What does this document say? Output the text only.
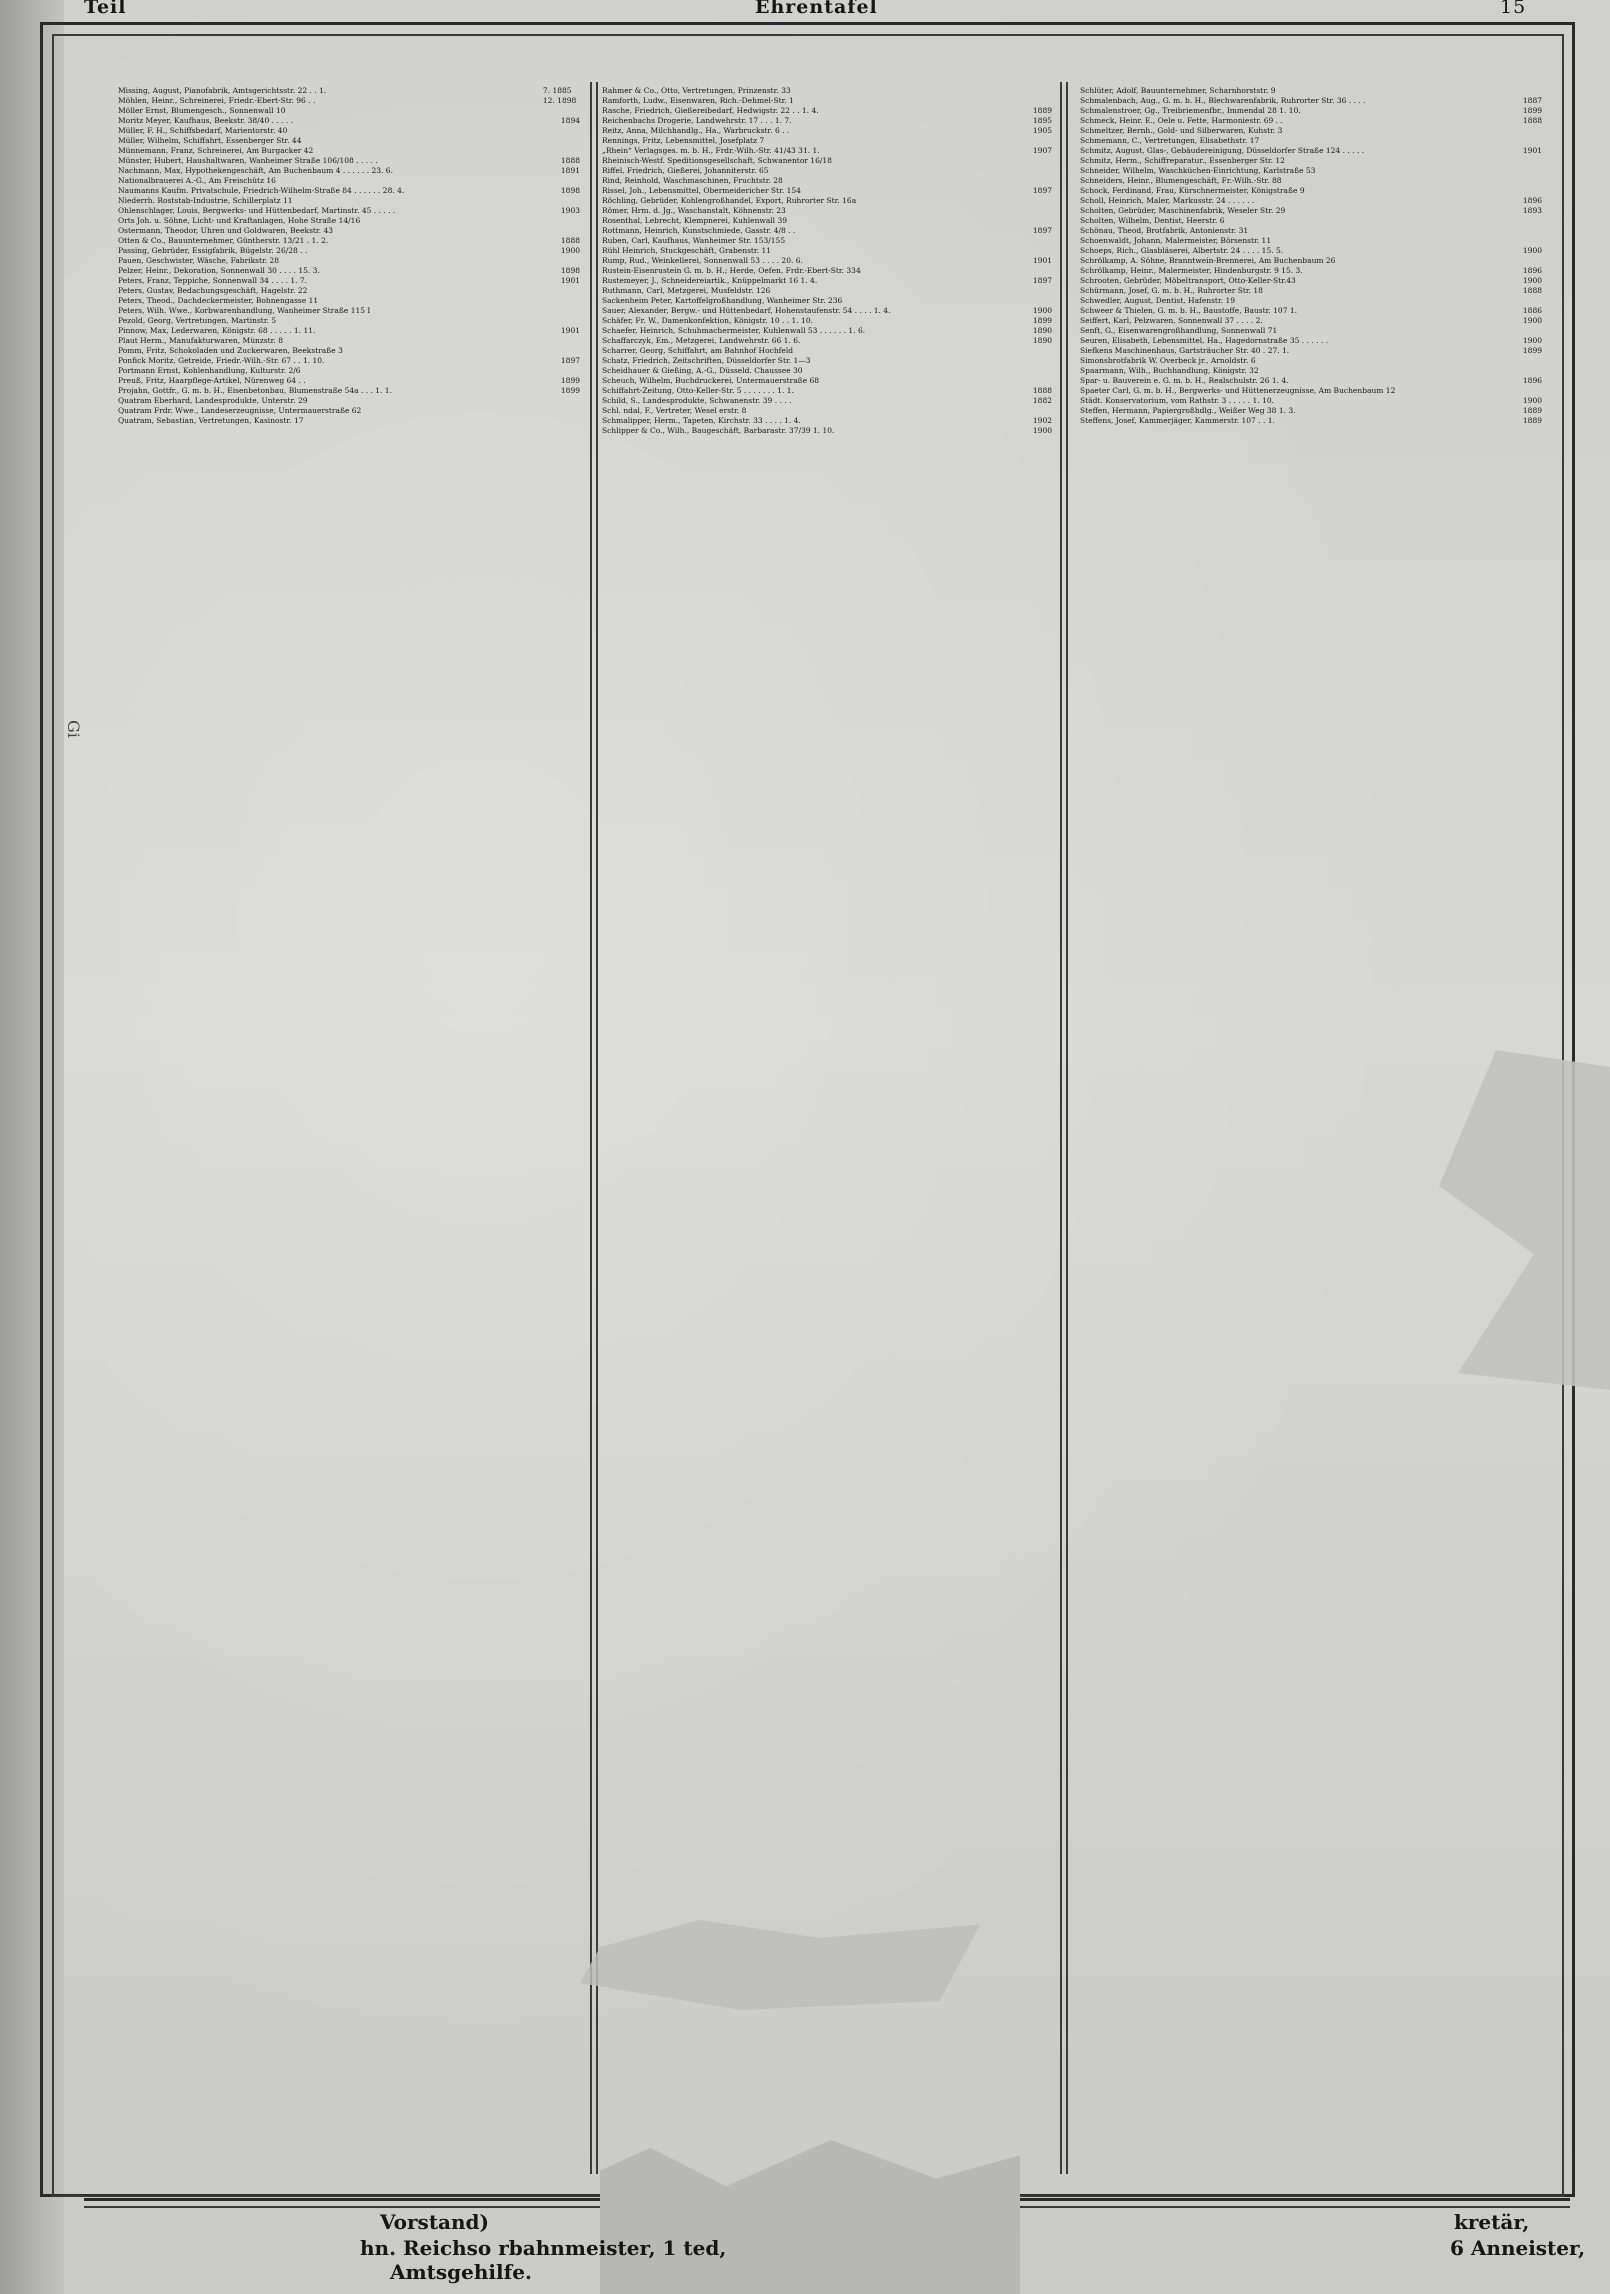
Teil	Ehrentafel	15
7. 1885
Missing, August, Pianofabrik, Amtsgerichtsstr. 22 . . 1.
12. 1898
Möhlen, Heinr., Schreinerei, Friedr.-Ebert-Str. 96 . .
Möller Ernst, Blumengesch., Sonnenwall 10
1894
Moritz Meyer, Kaufhaus, Beekstr. 38/40 . . . . .
Müller, F. H., Schiffsbedarf, Marientorstr. 40
Müller, Wilhelm, Schiffahrt, Essenberger Str. 44
Münnemann, Franz, Schreinerei, Am Burgacker 42
1888
Münster, Hubert, Haushaltwaren, Wanheimer Straße 106/108 . . . . .
1891
Nachmann, Max, Hypothekengeschäft, Am Buchenbaum 4 . . . . . . 23. 6.
Nationalbrauerei A.-G., Am Freischütz 16
1898
Naumanns Kaufm. Privatschule, Friedrich-Wilhelm-Straße 84 . . . . . . 28. 4.
Niederrh. Roststab-Industrie, Schillerplatz 11
1903
Ohlenschlager, Louis, Bergwerks- und Hüttenbedarf, Martinstr. 45 . . . . .
Orts Joh. u. Söhne, Licht- und Kraftanlagen, Hohe Straße 14/16
Ostermann, Theodor, Uhren und Goldwaren, Beekstr. 43
1888
Otten & Co., Bauunternehmer, Güntherstr. 13/21 . 1. 2.
1900
Passing, Gebrüder, Essigfabrik, Bügelstr. 26/28 . .
Pauen, Geschwister, Wäsche, Fabrikstr. 28
1898
Pelzer, Heinr., Dekoration, Sonnenwall 30 . . . . 15. 3.
1901
Peters, Franz, Teppiche, Sonnenwall 34 . . . . 1. 7.
Peters, Gustav, Bedachungsgeschäft, Hagelstr. 22
Peters, Theod., Dachdeckermeister, Bohnengasse 11
Peters, Wilh. Wwe., Korbwarenhandlung, Wanheimer Straße 115 I
Pezold, Georg, Vertretungen, Martinstr. 5
1901
Pinnow, Max, Lederwaren, Königstr. 68 . . . . . 1. 11.
Plaut Herm., Manufakturwaren, Münzstr. 8
Pomm, Fritz, Schokoladen und Zuckerwaren, Beekstraße 3
1897
Ponfick Moritz, Getreide, Friedr.-Wilh.-Str. 67 . . 1. 10.
Portmann Ernst, Kohlenhandlung, Kulturstr. 2/6
1899
Preuß, Fritz, Haarpflege-Artikel, Nürenweg 64 . .
1899
Projahn, Gottfr., G. m. b. H., Eisenbetonbau, Blumenstraße 54a . . . 1. 1.
Quatram Eberhard, Landesprodukte, Unterstr. 29
Quatram Frdr. Wwe., Landeserzeugnisse, Untermauerstraße 62
Quatram, Sebastian, Vertretungen, Kasinostr. 17
Rahmer & Co., Otto, Vertretungen, Prinzenstr. 33
Ramforth, Ludw., Eisenwaren, Rich.-Dehmel-Str. 1
1889
Rasche, Friedrich, Gießereibedarf, Hedwigstr. 22 . . 1. 4.
1895
Reichenbachs Drogerie, Landwehrstr. 17 . . . 1. 7.
1905
Reitz, Anna, Milchhandlg., Ha., Warbruckstr. 6 . .
Rennings, Fritz, Lebensmittel, Josefplatz 7
1907
„Rhein“ Verlagsges. m. b. H., Frdr.-Wilh.-Str. 41/43 31. 1.
Rheinisch-Westf. Speditionsgesellschaft, Schwanentor 16/18
Riffel, Friedrich, Gießerei, Johanniterstr. 65
Rind, Reinhold, Waschmaschinen, Fruchtstr. 28
1897
Rissel, Joh., Lebensmittel, Obermeidericher Str. 154
Röchling, Gebrüder, Kohlengroßhandel, Export, Ruhrorter Str. 16a
Römer, Hrm. d. Jg., Waschanstalt, Köhnenstr. 23
Rosenthal, Lebrecht, Klempnerei, Kuhlenwall 39
1897
Rottmann, Heinrich, Kunstschmiede, Gasstr. 4/8 . .
Ruben, Carl, Kaufhaus, Wanheimer Str. 153/155
Rühl Heinrich, Stuckgeschäft, Grabenstr. 11
1901
Rump, Rud., Weinkellerei, Sonnenwall 53 . . . . 20. 6.
Rustein-Eisenrustein G. m. b. H.; Herde, Oefen, Frdr.-Ebert-Str. 334
1897
Rustemeyer, J., Schneidereiartik., Knüppelmarkt 16 1. 4.
Ruthmann, Carl, Metzgerei, Musfeldstr. 126
Sackenheim Peter, Kartoffelgroßhandlung, Wanheimer Str. 236
1900
Sauer, Alexander, Bergw.- und Hüttenbedarf, Hohenstaufenstr. 54 . . . . 1. 4.
1899
Schäfer, Fr. W., Damenkonfektion, Königstr. 10 . . 1. 10.
1890
Schaefer, Heinrich, Schuhmachermeister, Kuhlenwall 53 . . . . . . 1. 6.
1890
Schaffarczyk, Em., Metzgerei, Landwehrstr. 66 1. 6.
Scharrer, Georg, Schiffahrt, am Bahnhof Hochfeld
Schatz, Friedrich, Zeitschriften, Düsseldorfer Str. 1—3
Scheidhauer & Gießing, A.-G., Düsseld. Chaussee 30
Scheuch, Wilhelm, Buchdruckerei, Untermauerstraße 68
1888
Schiffahrt-Zeitung, Otto-Keller-Str. 5 . . . . . . . 1. 1.
1882
Schild, S., Landesprodukte, Schwanenstr. 39 . . . .
Schl. ndal, F., Vertreter, Wesel erstr. 8
1902
Schmalipper, Herm., Tapeten, Kirchstr. 33 . . . . 1. 4.
1900
Schlipper & Co., Wilh., Baugeschäft, Barbarastr. 37/39 1. 10.
Schlüter, Adolf, Bauunternehmer, Scharnhorststr. 9
1887
Schmalenbach, Aug., G. m. b. H., Blechwarenfabrik, Ruhrorter Str. 36 . . . .
1899
Schmalenstroer, Gg., Treibriemenfbr., Immendal 28 1. 10.
1888
Schmeck, Heinr. E., Oele u. Fette, Harmoniestr. 69 . .
Schmeltzer, Bernh., Gold- und Silberwaren, Kuhstr. 3
Schmemann, C., Vertretungen, Elisabethstr. 17
1901
Schmitz, August, Glas-, Gebäudereinigung, Düsseldorfer Straße 124 . . . . .
Schmitz, Herm., Schiffreparatur., Essenberger Str. 12
Schneider, Wilhelm, Waschküchen-Einrichtung, Karlstraße 53
Schneiders, Heinr., Blumengeschäft, Fr.-Wilh.-Str. 88
Schock, Ferdinand, Frau, Kürschnermeister, Königstraße 9
1896
Scholl, Heinrich, Maler, Markusstr. 24 . . . . . .
1893
Scholten, Gebrüder, Maschinenfabrik, Weseler Str. 29
Scholten, Wilhelm, Dentist, Heerstr. 6
Schönau, Theod, Brotfabrik, Antonienstr. 31
Schoenwaldt, Johann, Malermeister, Börsenstr. 11
1900
Schoeps, Rich., Glasbläserei, Albertstr. 24 . . . . 15. 5.
Schrölkamp, A. Söhne, Branntwein-Brennerei, Am Buchenbaum 26
1896
Schrölkamp, Heinr., Malermeister, Hindenburgstr. 9 15. 3.
1900
Schrooten, Gebrüder, Möbeltransport, Otto-Keller-Str.43
1888
Schürmann, Josef, G. m. b. H., Ruhrorter Str. 18
Schwedler, August, Dentist, Hafenstr. 19
1886
Schweer & Thielen, G. m. b. H., Baustoffe, Baustr. 107 1.
1900
Seiffert, Karl, Pelzwaren, Sonnenwall 37 . . . . 2.
Senft, G., Eisenwarengroßhandlung, Sonnenwall 71
1900
Seuren, Elisabeth, Lebensmittel, Ha., Hagedornstraße 35 . . . . . .
1899
Siefkens Maschinenhaus, Gartsträucher Str. 40 . 27. 1.
Simonsbrotfabrik W. Overbeck jr., Arnoldstr. 6
Spaarmann, Wilh., Buchhandlung, Königstr. 32
1896
Spar- u. Bauverein e. G. m. b. H., Realschulstr. 26 1. 4.
Spaeter Carl, G. m. b. H., Bergwerks- und Hüttenerzeugnisse, Am Buchenbaum 12
1900
Städt. Konservatorium, vom Rathstr. 3 . . . . . 1. 10.
1889
Steffen, Hermann, Papiergroßhdlg., Weißer Weg 38 1. 3.
1889
Steffens, Josef, Kammerjäger, Kammerstr. 107 . . 1.
Gi
Vorstand)
hn. Reichso rbahnmeister, 1 ted,
Amtsgehilfe.
kretär,
6 Anneister,
